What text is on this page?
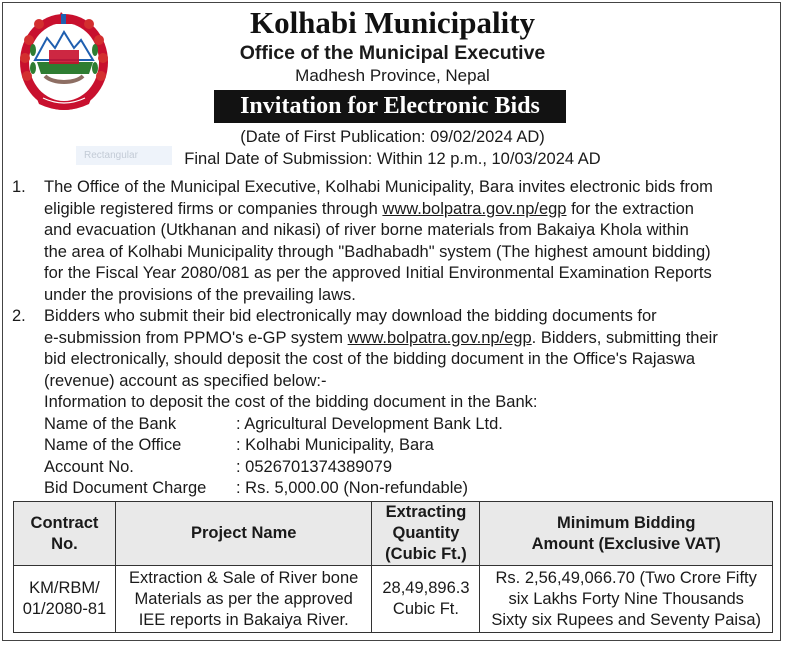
Kolhabi Municipality
Office of the Municipal Executive
Madhesh Province, Nepal
Invitation for Electronic Bids
(Date of First Publication: 09/02/2024 AD)
Final Date of Submission: Within 12 p.m., 10/03/2024 AD
Rectangular
1. The Office of the Municipal Executive, Kolhabi Municipality, Bara invites electronic bids from
eligible registered firms or companies through www.bolpatra.gov.np/egp for the extraction
and evacuation (Utkhanan and nikasi) of river borne materials from Bakaiya Khola within
the area of Kolhabi Municipality through "Badhabadh" system (The highest amount bidding)
for the Fiscal Year 2080/081 as per the approved Initial Environmental Examination Reports
under the provisions of the prevailing laws.
2. Bidders who submit their bid electronically may download the bidding documents for
e-submission from PPMO's e-GP system www.bolpatra.gov.np/egp. Bidders, submitting their
bid electronically, should deposit the cost of the bidding document in the Office's Rajaswa
(revenue) account as specified below:-
Information to deposit the cost of the bidding document in the Bank:
Name of the Bank	: Agricultural Development Bank Ltd.
Name of the Office	: Kolhabi Municipality, Bara
Account No.	: 0526701374389079
Bid Document Charge : Rs. 5,000.00 (Non-refundable)
Contract
No.	Project Name	Extracting
Quantity
(Cubic Ft.)	Minimum Bidding
Amount (Exclusive VAT)
KM/RBM/
01/2080-81	Extraction & Sale of River bone
Materials as per the approved
IEE reports in Bakaiya River.	28,49,896.3
Cubic Ft.	Rs. 2,56,49,066.70 (Two Crore Fifty
six Lakhs Forty Nine Thousands
Sixty six Rupees and Seventy Paisa)
